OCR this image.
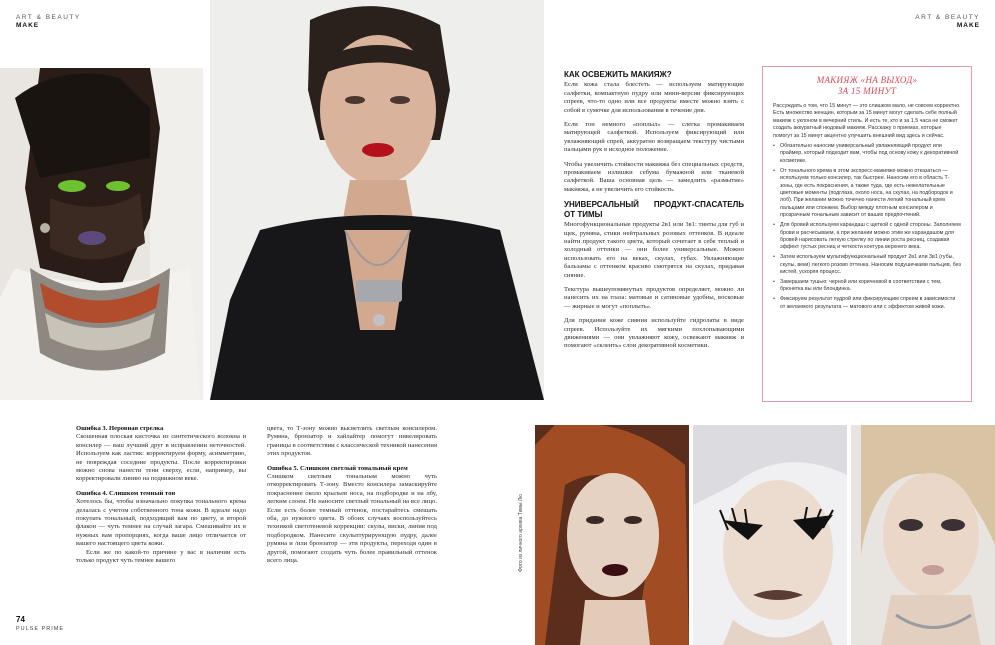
ART & BEAUTY
MAKE
ART & BEAUTY
MAKE
КАК ОСВЕЖИТЬ МАКИЯЖ?

Если кожа стала блестеть — используем матирующие салфетки, компактную пудру или мини-версии фиксирующих спреев, что-то одно или все продукты вместе можно взять с собой в сумочке для использования в течение дня.

Если тон немного «поплыл» — слегка промакиваем матирующей салфеткой. Используем фиксирующий или увлажняющий спрей, аккуратно возвращаем текстуру чистыми пальцами рук в исходное положение.

Чтобы увеличить стойкости макияжа без специальных средств, промакиваем излишки себума бумажной или тканевой салфеткой. Ваша основная цель — замедлить «размытие» макияжа, а не увеличить его стойкость.

УНИВЕРСАЛЬНЫЙ ПРОДУКТ-СПАСАТЕЛЬ ОТ ТИМЫ

Многофункциональные продукты 2в1 или 3в1: тинты для губ и щек, румяна, стики нейтральных розовых оттенков. В идеале найти продукт такого цвета, который сочетает в себе теплый и холодный оттенки — они более универсальные. Можно использовать его на веках, скулах, губах. Увлажняющие бальзамы с оттенком красиво смотрятся на скулах, придавая сияние.

Текстура вышеупомянутых продуктов определяет, можно ли нанесить их на глаза: матовые и сатиновые удобны, восковые — жирные и могут «поплыть».

Для придания коже сияния используйте гидролаты в виде спреев. Используйте их мягкими похлопывающими движениями — они увлажняют кожу, освежают макияж и помогают «склеить» слои декоративной косметики.

МАКИЯЖ «НА ВЫХОД»
ЗА 15 МИНУТ

Рассуждать о том, что 15 минут — это слишком мало, не совсем корректно. Есть множество женщин, которым за 15 минут могут сделать себе полный макияж с уклоном в вечерний стиль. И есть те, кто и за 1,5 часа не сможет создать аккуратный нюдовый макияж. Расскажу о приемах, которые помогут за 15 минут акцентно улучшить внешний вид здесь и сейчас.

• Обязательно наносим универсальный увлажняющий продукт или праймер, который подходит вам, чтобы под основу кожу к декоративной косметике.
• От тонального крема в этом экспресс-макияже можно отказаться — используем только консилер, так быстрее. Наносим его в область Т-зоны, где есть покраснения, а также туда, где есть нежелательные цветовые моменты (подглаза, около носа, на скулах, на подбородок и лоб). При желании можно точечно нанести легкий тональный крем пальцами или спонжем. Выбор между плотным консилером и прозрачным тональным зависит от ваших предпочтений.
• Для бровей используем карандаш с щеткой с одной стороны. Заполняем брови и расчесываем, а при желании можно этим же карандашом для бровей нарисовать легкую стрелку по линии роста ресниц, создавая эффект густых ресниц и четкости контура верхнего века.
• Затем используем мультифункциональный продукт 2в1 или 3в1 (губы, скулы, веки) легкого розово оттенка. Наносим подушечками пальцев, без кистей, ускоряя процесс.
• Завершаем тушью: черной или коричневой в соответствии с тем, брюнетка вы или блондинка.
• Фиксируем результат пудрой или фиксирующим спреем в зависимости от желаемого результата — матового или с эффектом живой кожи.
Ошибка 3. Неровная стрелка

Скошенная плоская кисточка из синтетического волокна и консилер — ваш лучший друг в исправлении неточностей. Используем как ластик: корректируем форму, асимметрию, не повреждая соседние продукты. После корректировки можно снова нанести тени сверху, если, например, вы корректировали линию на подвижном веке.

Ошибка 4. Слишком темный тон

Хотелось бы, чтобы изначально покупка тонального крема делалась с учетом собственного тона кожи. В идеале надо покупать тональный, подходящий вам по цвету, и второй флакон — чуть темнее на случай загара. Смешивайте их в нужных вам пропорциях, когда ваше лицо отличается от вашего настоящего цвета кожи.

Если же по какой-то причине у вас в наличии есть только продукт чуть темнее вашего

цвета, то Т-зону можно высветлить светлым консилером. Румяна, бронзатор и хайлайтер помогут нивелировать границы в соответствии с классической техникой нанесения этих продуктов.

Ошибка 5. Слишком светлый тональный крем

Слишком светлым тональным можно чуть откорректировать Т-зону. Вместо консилера замаскируйте покраснение около крыльев носа, на подбородке и на лбу, легким слоем. Не наносите светлый тональный на все лицо. Если есть более темный оттенок, постарайтесь смешать оба, до нужного цвета. В обоих случаях воспользуйтесь техникой светотеневой коррекции: скулы, виски, линия под подбородком. Нанесите скульптурирующую пудру, далее румяна и /или бронзатор — эти продукты, переходя один в другой, помогают создать чуть более правильный оттенок всего лица.	Фото из личного архива Тимы Лю
74
PULSE PRIME
